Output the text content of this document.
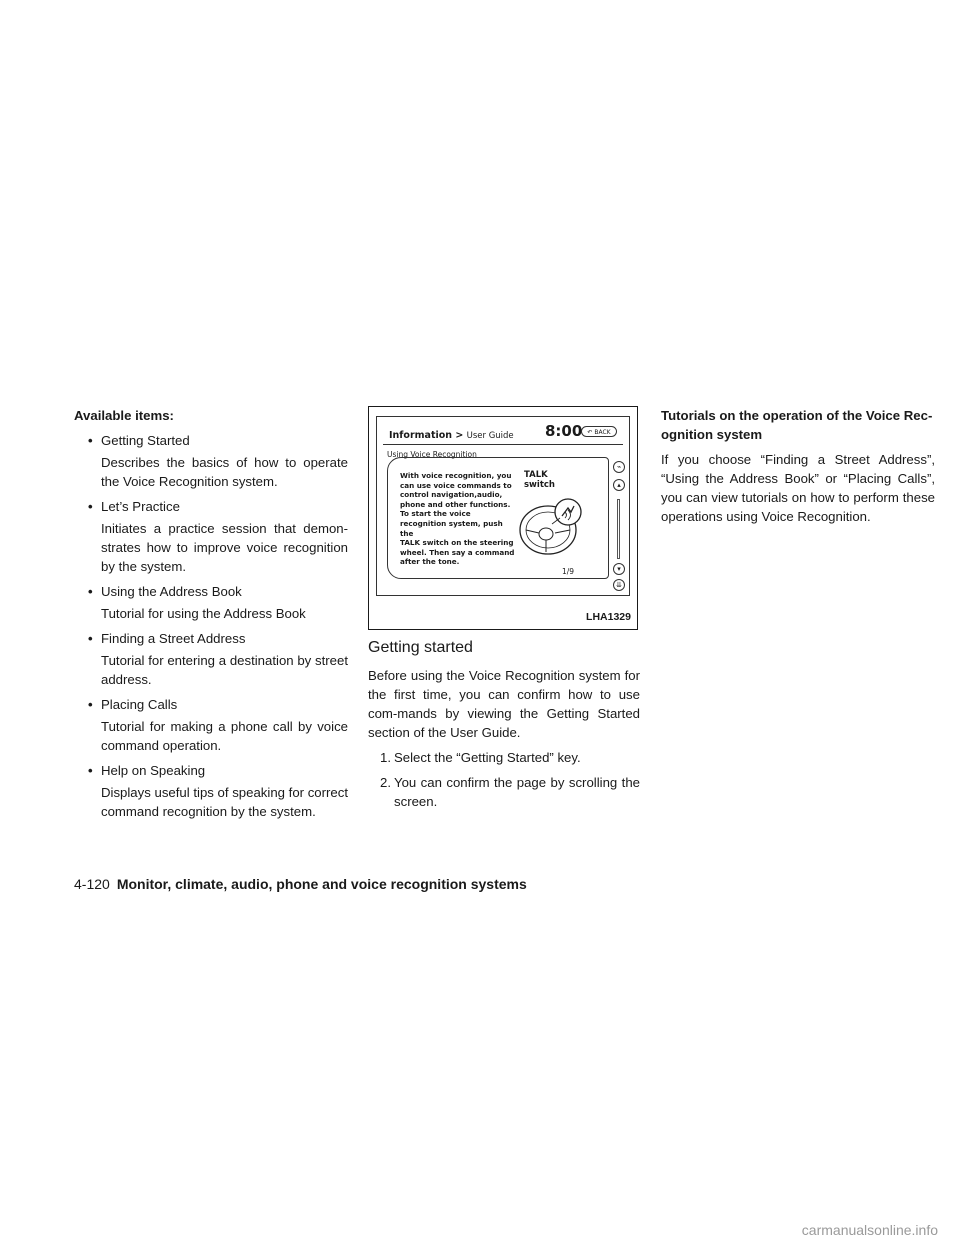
Available items:

• Getting Started
Describes the basics of how to operate the Voice Recognition system.
• Let’s Practice
Initiates a practice session that demon-strates how to improve voice recognition by the system.
• Using the Address Book
Tutorial for using the Address Book
• Finding a Street Address
Tutorial for entering a destination by street address.
• Placing Calls
Tutorial for making a phone call by voice command operation.
• Help on Speaking
Displays useful tips of speaking for correct command recognition by the system.
Information > User Guide 8:00 ↶ BACK
Using Voice Recognition
With voice recognition, you
can use voice commands to
control navigation,audio,
phone and other functions.
To start the voice
recognition system, push the
TALK switch on the steering
wheel. Then say a command
after the tone.
TALK
switch
1/9
⌁
▴
▾
⇊
LHA1329
Getting started

Before using the Voice Recognition system for the first time, you can confirm how to use com-mands by viewing the Getting Started section of the User Guide.

1. Select the “Getting Started” key.
2. You can confirm the page by scrolling the screen.

Tutorials on the operation of the Voice Rec-ognition system

If you choose “Finding a Street Address”, “Using the Address Book” or “Placing Calls”, you can view tutorials on how to perform these operations using Voice Recognition.

4-120 Monitor, climate, audio, phone and voice recognition systems
carmanualsonline.info
